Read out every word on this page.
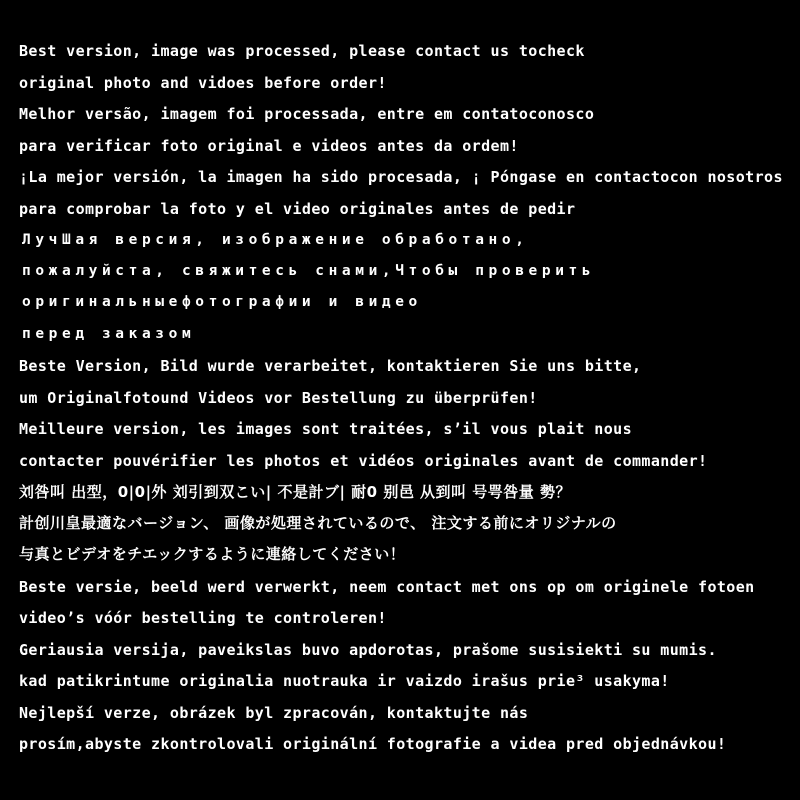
Best version, image was processed, please contact us tocheck
original photo and vidoes before order!
Melhor versão, imagem foi processada, entre em contatoconosco
para verificar foto original e videos antes da ordem!
¡La mejor versión, la imagen ha sido procesada, ¡ Póngase en contactocon nosotros
para comprobar la foto y el video originales antes de pedir
ЛучШая версия, изображение обработано,
пожалуйста, свяжитесь снами,Чтобы проверить
оригинальныефотографии и видео
перед заказом
Beste Version, Bild wurde verarbeitet, kontaktieren Sie uns bitte,
um Originalfotound Videos vor Bestellung zu überprüfen!
Meilleure version, les images sont traitées, s’il vous plait nous
contacter pouvérifier les photos et vidéos originales avant de commander!
刘咎叫 出型，0|0|外 刘引到双こい| 不是計ブ| 耐0 别邑 从到叫 号咢咎量 勢？
計创川皇最適なバージョン、 画像が処理されているので、 注文する前にオリジナルの
与真とビデオをチエックするように連絡してください！
Beste versie, beeld werd verwerkt, neem contact met ons op om originele fotoen
video’s vóór bestelling te controleren!
Geriausia versija, paveikslas buvo apdorotas, prašome susisiekti su mumis.
kad patikrintume originalia nuotrauka ir vaizdo irašus prie³ usakyma!
Nejlepší verze, obrázek byl zpracován, kontaktujte nás
prosím,abyste zkontrolovali originální fotografie a videa pred objednávkou!
